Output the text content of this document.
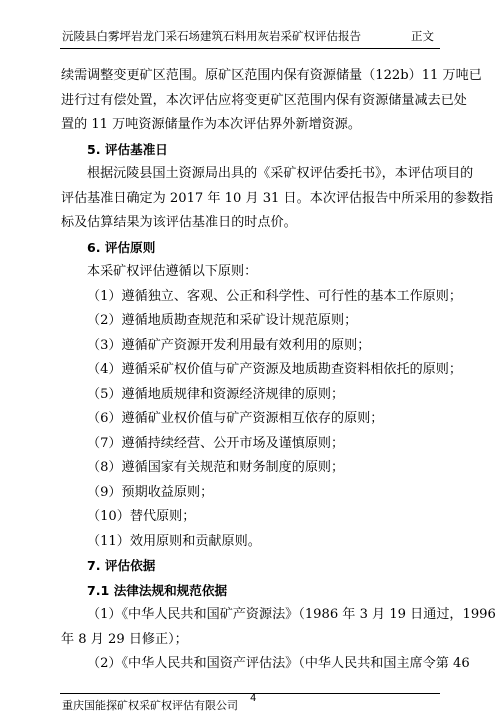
沅陵县白雾坪岩龙门采石场建筑石料用灰岩采矿权评估报告	正文
续需调整变更矿区范围。原矿区范围内保有资源储量（122b）11 万吨已
进行过有偿处置，本次评估应将变更矿区范围内保有资源储量减去已处
置的 11 万吨资源储量作为本次评估界外新增资源。
5. 评估基准日
根据沅陵县国土资源局出具的《采矿权评估委托书》，本评估项目的
评估基准日确定为 2017 年 10 月 31 日。本次评估报告中所采用的参数指
标及估算结果为该评估基准日的时点价。
6. 评估原则
本采矿权评估遵循以下原则：
（1）遵循独立、客观、公正和科学性、可行性的基本工作原则；
（2）遵循地质勘查规范和采矿设计规范原则；
（3）遵循矿产资源开发利用最有效利用的原则；
（4）遵循采矿权价值与矿产资源及地质勘查资料相依托的原则；
（5）遵循地质规律和资源经济规律的原则；
（6）遵循矿业权价值与矿产资源相互依存的原则；
（7）遵循持续经营、公开市场及谨慎原则；
（8）遵循国家有关规范和财务制度的原则；
（9）预期收益原则；
（10）替代原则；
（11）效用原则和贡献原则。
7. 评估依据
7.1 法律法规和规范依据
（1）《中华人民共和国矿产资源法》（1986 年 3 月 19 日通过，1996
年 8 月 29 日修正）；
（2）《中华人民共和国资产评估法》（中华人民共和国主席令第 46
重庆国能探矿权采矿权评估有限公司
4
